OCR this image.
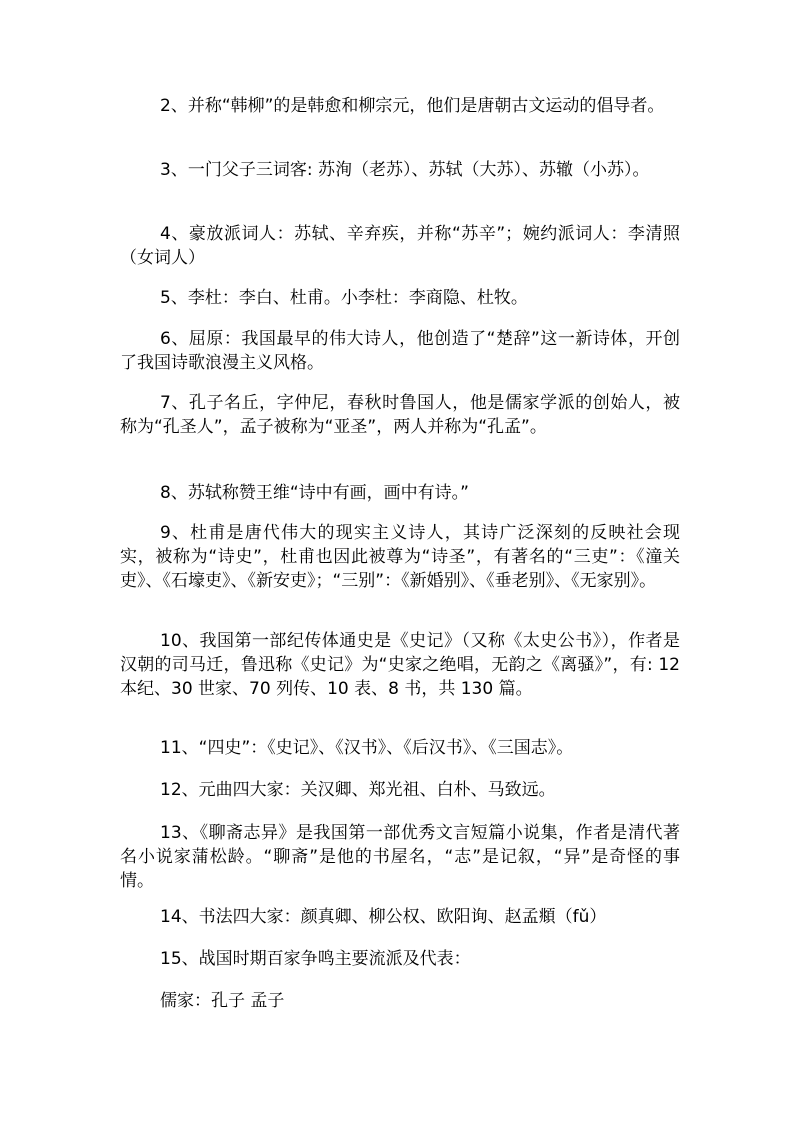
2、并称“韩柳”的是韩愈和柳宗元，他们是唐朝古文运动的倡导者。

3、一门父子三词客: 苏洵（老苏）、苏轼（大苏）、苏辙（小苏）。

4、豪放派词人：苏轼、辛弃疾，并称“苏辛”；婉约派词人：李清照（女词人）

5、李杜：李白、杜甫。小李杜：李商隐、杜牧。

6、屈原：我国最早的伟大诗人，他创造了“楚辞”这一新诗体，开创了我国诗歌浪漫主义风格。

7、孔子名丘，字仲尼，春秋时鲁国人，他是儒家学派的创始人，被称为“孔圣人”，孟子被称为“亚圣”，两人并称为“孔孟”。

8、苏轼称赞王维“诗中有画，画中有诗。”

9、杜甫是唐代伟大的现实主义诗人，其诗广泛深刻的反映社会现实，被称为“诗史”，杜甫也因此被尊为“诗圣”，有著名的“三吏”：《潼关吏》、《石壕吏》、《新安吏》；“三别”：《新婚别》、《垂老别》、《无家别》。

10、我国第一部纪传体通史是《史记》（又称《太史公书》），作者是汉朝的司马迁，鲁迅称《史记》为“史家之绝唱，无韵之《离骚》”，有: 12 本纪、30 世家、70 列传、10 表、8 书，共 130 篇。

11、“四史”：《史记》、《汉书》、《后汉书》、《三国志》。

12、元曲四大家：关汉卿、郑光祖、白朴、马致远。

13、《聊斋志异》是我国第一部优秀文言短篇小说集，作者是清代著名小说家蒲松龄。“聊斋”是他的书屋名，“志”是记叙，“异”是奇怪的事情。

14、书法四大家：颜真卿、柳公权、欧阳询、赵孟頫（fǔ）

15、战国时期百家争鸣主要流派及代表：

儒家：孔子 孟子
